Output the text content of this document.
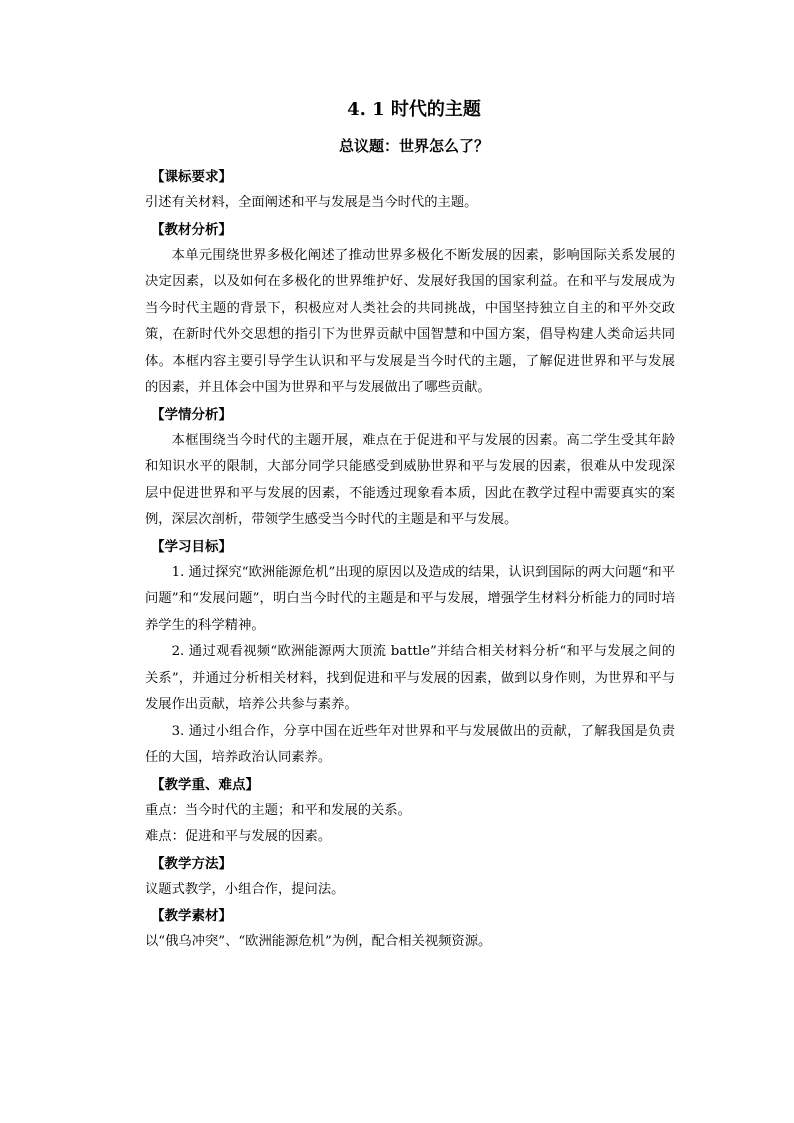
4. 1 时代的主题
总议题：世界怎么了？

【课标要求】

引述有关材料，全面阐述和平与发展是当今时代的主题。

【教材分析】

本单元围绕世界多极化阐述了推动世界多极化不断发展的因素，影响国际关系发展的决定因素，以及如何在多极化的世界维护好、发展好我国的国家利益。在和平与发展成为当今时代主题的背景下，积极应对人类社会的共同挑战，中国坚持独立自主的和平外交政策，在新时代外交思想的指引下为世界贡献中国智慧和中国方案，倡导构建人类命运共同体。本框内容主要引导学生认识和平与发展是当今时代的主题，了解促进世界和平与发展的因素，并且体会中国为世界和平与发展做出了哪些贡献。

【学情分析】

本框围绕当今时代的主题开展，难点在于促进和平与发展的因素。高二学生受其年龄和知识水平的限制，大部分同学只能感受到威胁世界和平与发展的因素，很难从中发现深层中促进世界和平与发展的因素，不能透过现象看本质，因此在教学过程中需要真实的案例，深层次剖析，带领学生感受当今时代的主题是和平与发展。

【学习目标】

1. 通过探究“欧洲能源危机”出现的原因以及造成的结果，认识到国际的两大问题“和平问题”和“发展问题”，明白当今时代的主题是和平与发展，增强学生材料分析能力的同时培养学生的科学精神。

2. 通过观看视频“欧洲能源两大顶流 battle”并结合相关材料分析“和平与发展之间的关系”，并通过分析相关材料，找到促进和平与发展的因素，做到以身作则，为世界和平与发展作出贡献，培养公共参与素养。

3. 通过小组合作，分享中国在近些年对世界和平与发展做出的贡献，了解我国是负责任的大国，培养政治认同素养。

【教学重、难点】

重点：当今时代的主题；和平和发展的关系。

难点：促进和平与发展的因素。

【教学方法】

议题式教学，小组合作，提问法。

【教学素材】

以“俄乌冲突”、“欧洲能源危机”为例，配合相关视频资源。
